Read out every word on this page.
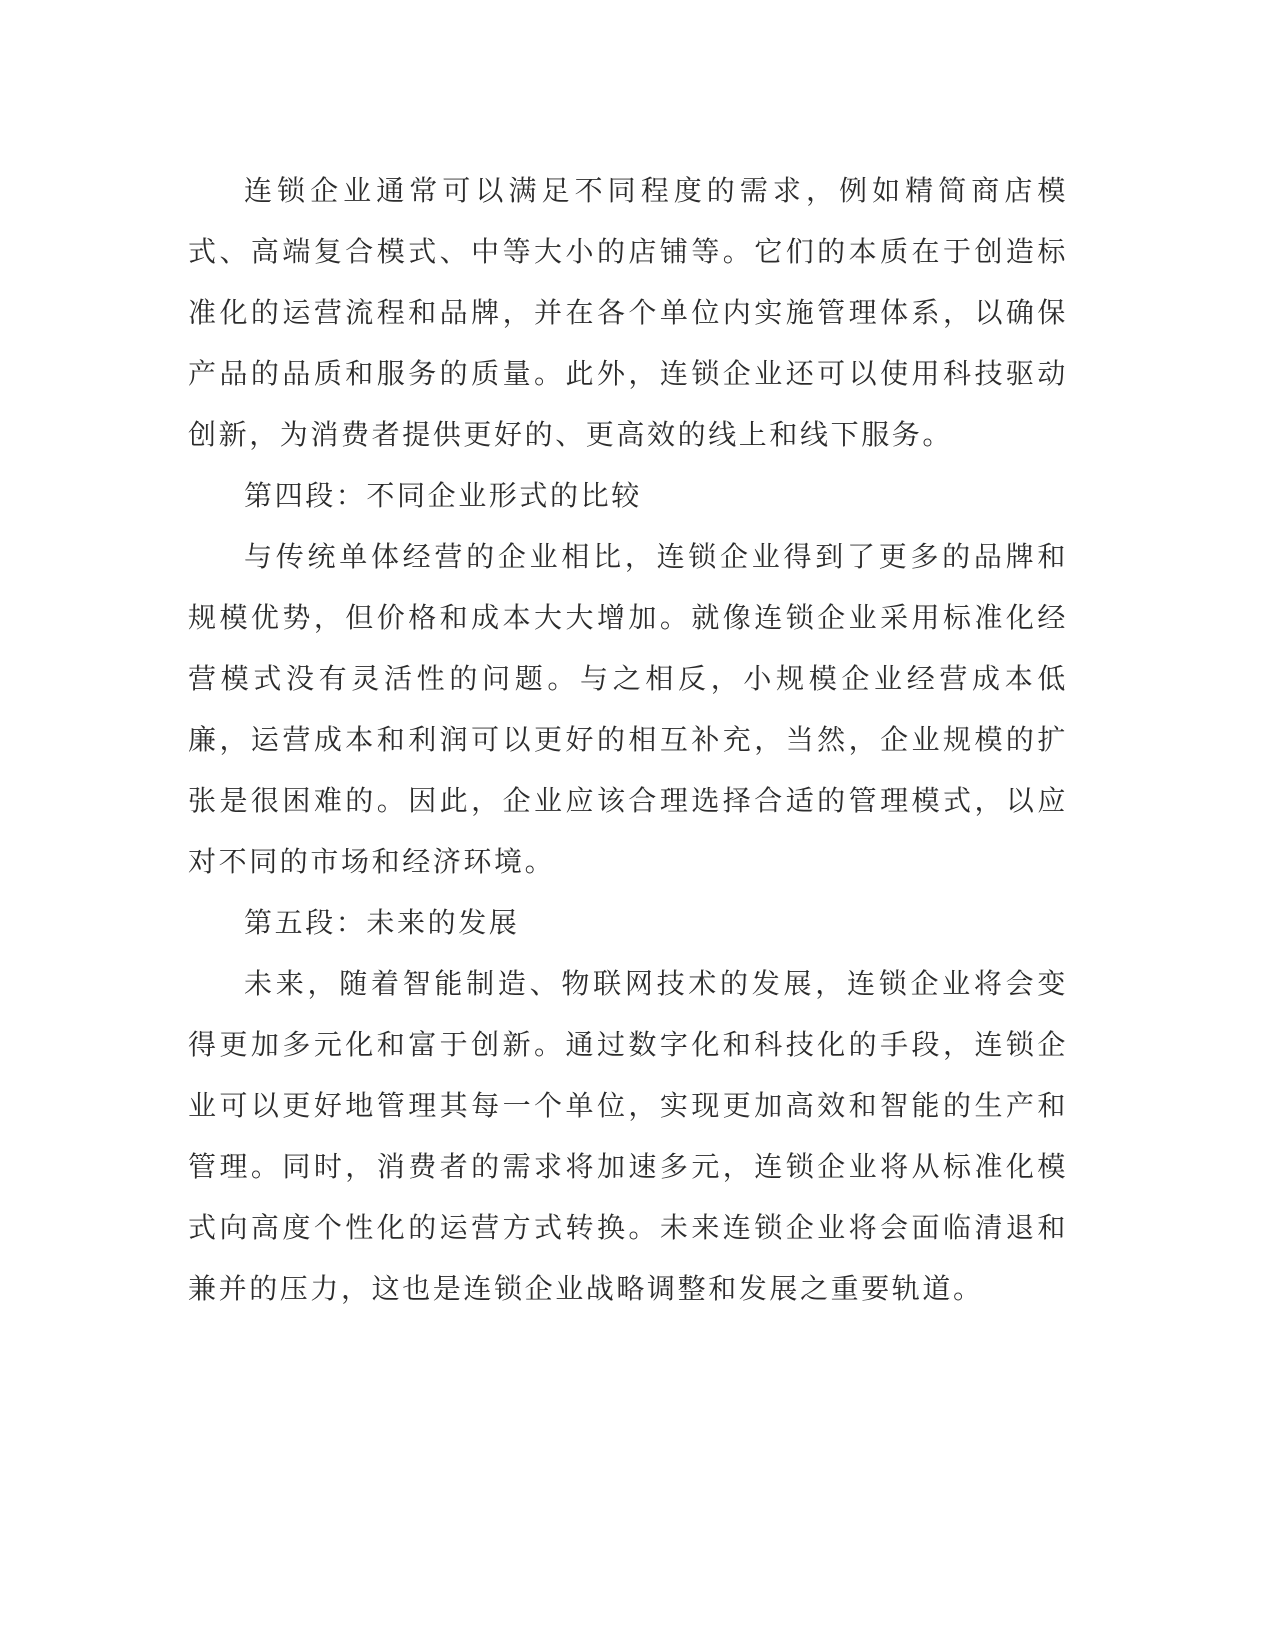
连锁企业通常可以满足不同程度的需求，例如精简商店模式、高端复合模式、中等大小的店铺等。它们的本质在于创造标准化的运营流程和品牌，并在各个单位内实施管理体系，以确保产品的品质和服务的质量。此外，连锁企业还可以使用科技驱动创新，为消费者提供更好的、更高效的线上和线下服务。

第四段：不同企业形式的比较

与传统单体经营的企业相比，连锁企业得到了更多的品牌和规模优势，但价格和成本大大增加。就像连锁企业采用标准化经营模式没有灵活性的问题。与之相反，小规模企业经营成本低廉，运营成本和利润可以更好的相互补充，当然，企业规模的扩张是很困难的。因此，企业应该合理选择合适的管理模式，以应对不同的市场和经济环境。

第五段：未来的发展

未来，随着智能制造、物联网技术的发展，连锁企业将会变得更加多元化和富于创新。通过数字化和科技化的手段，连锁企业可以更好地管理其每一个单位，实现更加高效和智能的生产和管理。同时，消费者的需求将加速多元，连锁企业将从标准化模式向高度个性化的运营方式转换。未来连锁企业将会面临清退和兼并的压力，这也是连锁企业战略调整和发展之重要轨道。
